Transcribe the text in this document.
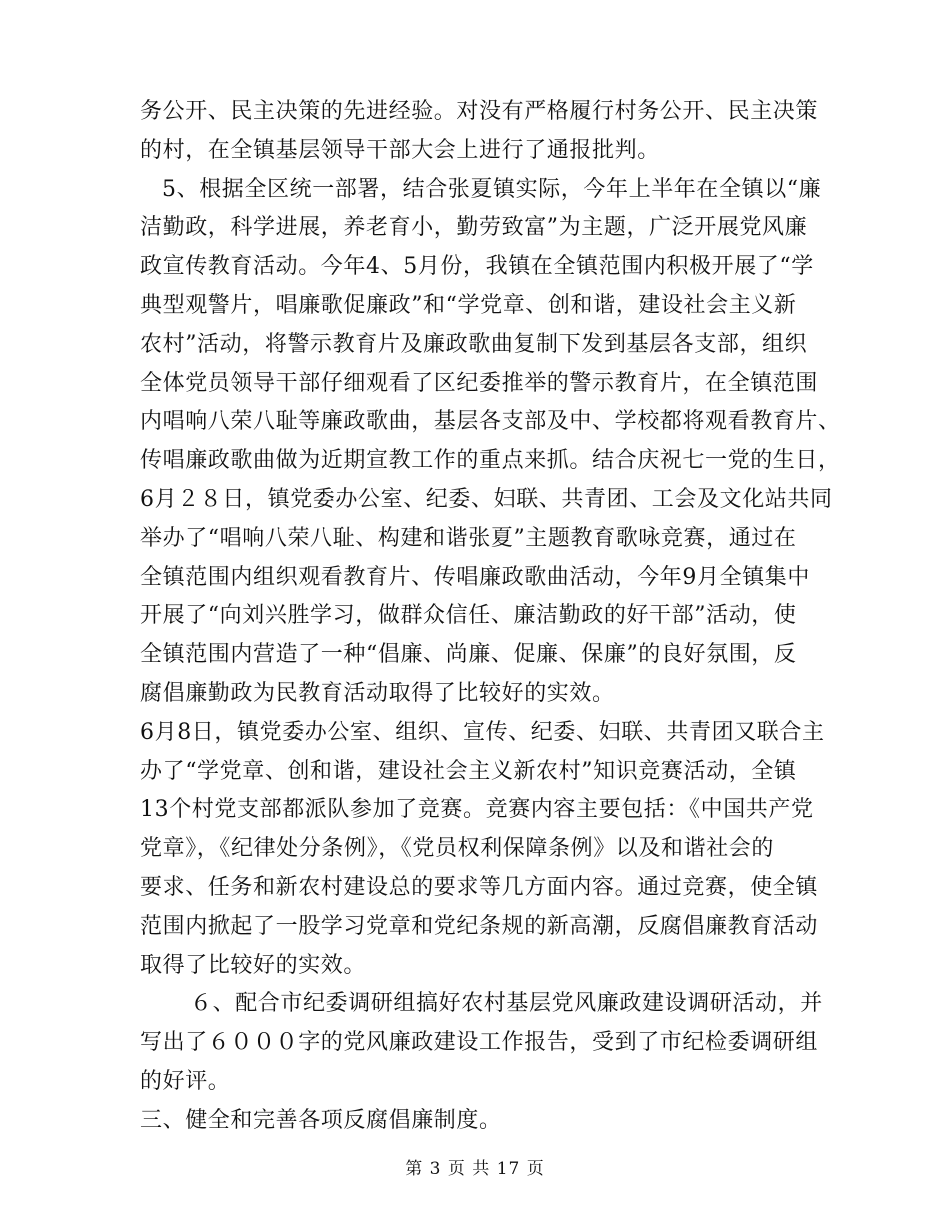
务公开、民主决策的先进经验。对没有严格履行村务公开、民主决策
的村，在全镇基层领导干部大会上进行了通报批判。
5、根据全区统一部署，结合张夏镇实际，今年上半年在全镇以“廉
洁勤政，科学进展，养老育小，勤劳致富”为主题，广泛开展党风廉
政宣传教育活动。今年4、5月份，我镇在全镇范围内积极开展了“学
典型观警片，唱廉歌促廉政”和“学党章、创和谐，建设社会主义新
农村”活动，将警示教育片及廉政歌曲复制下发到基层各支部，组织
全体党员领导干部仔细观看了区纪委推举的警示教育片，在全镇范围
内唱响八荣八耻等廉政歌曲，基层各支部及中、学校都将观看教育片、
传唱廉政歌曲做为近期宣教工作的重点来抓。结合庆祝七一党的生日，
6月２８日，镇党委办公室、纪委、妇联、共青团、工会及文化站共同
举办了“唱响八荣八耻、构建和谐张夏”主题教育歌咏竞赛，通过在
全镇范围内组织观看教育片、传唱廉政歌曲活动，今年9月全镇集中
开展了“向刘兴胜学习，做群众信任、廉洁勤政的好干部”活动，使
全镇范围内营造了一种“倡廉、尚廉、促廉、保廉”的良好氛围，反
腐倡廉勤政为民教育活动取得了比较好的实效。
6月8日，镇党委办公室、组织、宣传、纪委、妇联、共青团又联合主
办了“学党章、创和谐，建设社会主义新农村”知识竞赛活动，全镇
13个村党支部都派队参加了竞赛。竞赛内容主要包括：《中国共产党
党章》，《纪律处分条例》，《党员权利保障条例》以及和谐社会的
要求、任务和新农村建设总的要求等几方面内容。通过竞赛，使全镇
范围内掀起了一股学习党章和党纪条规的新高潮，反腐倡廉教育活动
取得了比较好的实效。
６、配合市纪委调研组搞好农村基层党风廉政建设调研活动，并
写出了６０００字的党风廉政建设工作报告，受到了市纪检委调研组
的好评。
三、健全和完善各项反腐倡廉制度。
第 3 页 共 17 页
